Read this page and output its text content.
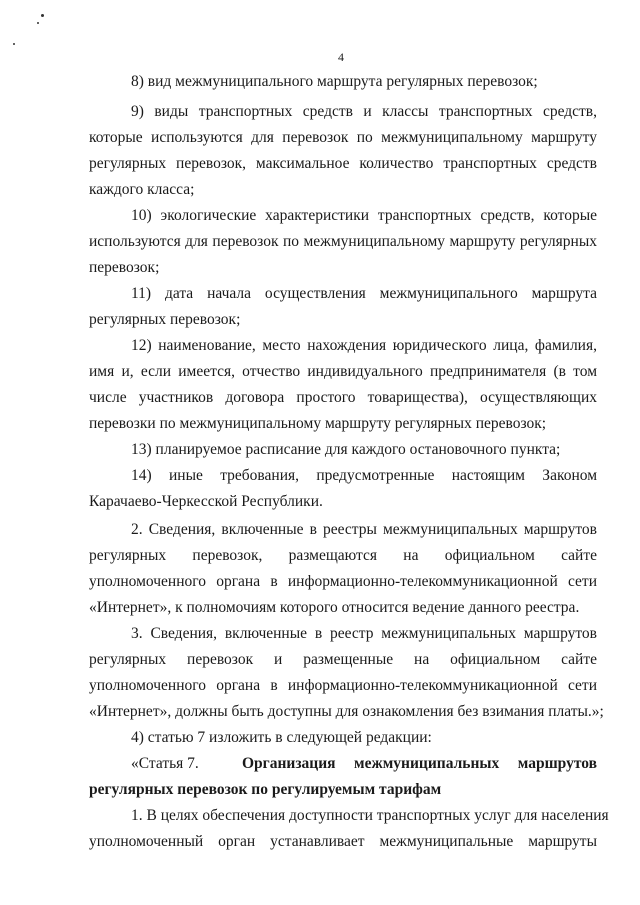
4
8) вид межмуниципального маршрута регулярных перевозок;
9) виды транспортных средств и классы транспортных средств,
которые используются для перевозок по межмуниципальному маршруту
регулярных перевозок, максимальное количество транспортных средств
каждого класса;
10) экологические характеристики транспортных средств, которые
используются для перевозок по межмуниципальному маршруту регулярных
перевозок;
11) дата начала осуществления межмуниципального маршрута
регулярных перевозок;
12) наименование, место нахождения юридического лица, фамилия,
имя и, если имеется, отчество индивидуального предпринимателя (в том
числе участников договора простого товарищества), осуществляющих
перевозки по межмуниципальному маршруту регулярных перевозок;
13) планируемое расписание для каждого остановочного пункта;
14) иные требования, предусмотренные настоящим Законом
Карачаево-Черкесской Республики.
2. Сведения, включенные в реестры межмуниципальных маршрутов
регулярных перевозок, размещаются на официальном сайте
уполномоченного органа в информационно-телекоммуникационной сети
«Интернет», к полномочиям которого относится ведение данного реестра.
3. Сведения, включенные в реестр межмуниципальных маршрутов
регулярных перевозок и размещенные на официальном сайте
уполномоченного органа в информационно-телекоммуникационной сети
«Интернет», должны быть доступны для ознакомления без взимания платы.»;
4) статью 7 изложить в следующей редакции:
«Статья 7.	Организация межмуниципальных маршрутов
регулярных перевозок по регулируемым тарифам
1. В целях обеспечения доступности транспортных услуг для населения
уполномоченный орган устанавливает межмуниципальные маршруты
